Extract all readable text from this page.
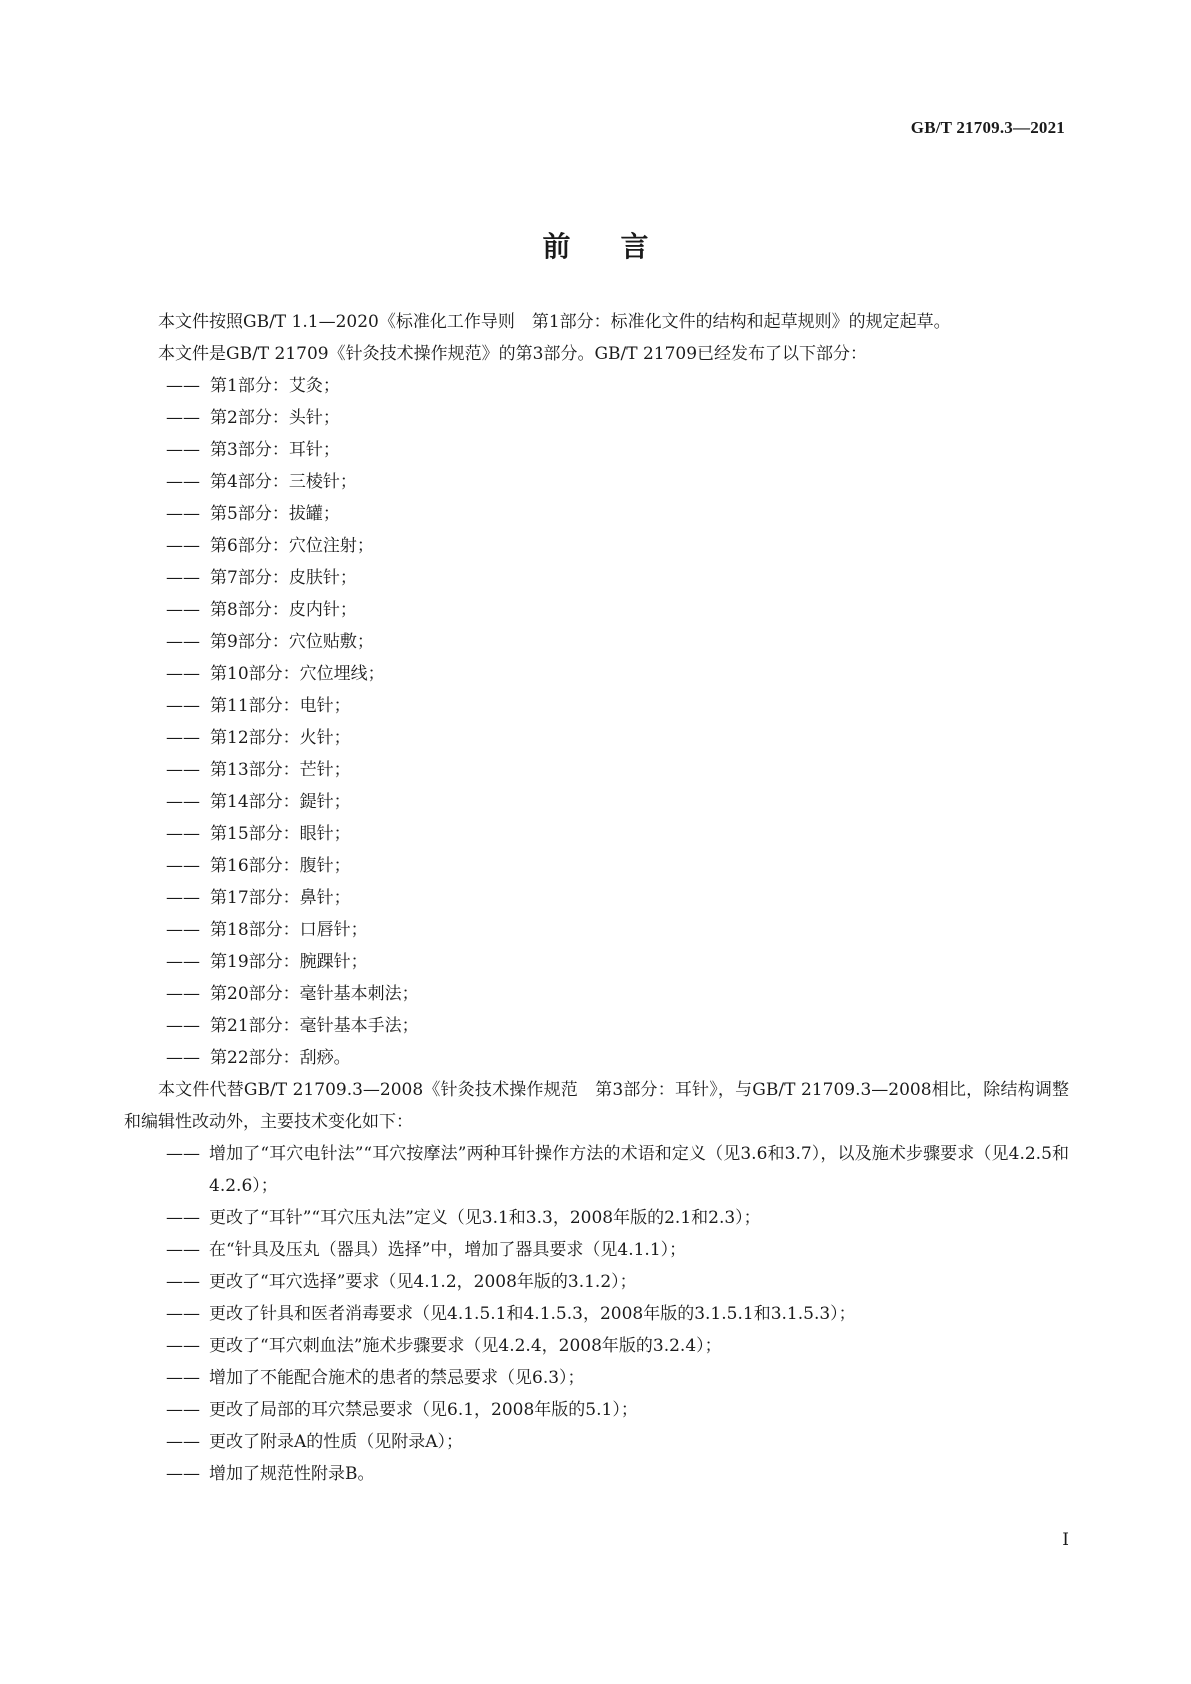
GB/T 21709.3—2021
前 言

本文件按照GB/T 1.1—2020《标准化工作导则　第1部分：标准化文件的结构和起草规则》的规定起草。

本文件是GB/T 21709《针灸技术操作规范》的第3部分。GB/T 21709已经发布了以下部分：

—— 第1部分：艾灸；

—— 第2部分：头针；

—— 第3部分：耳针；

—— 第4部分：三棱针；

—— 第5部分：拔罐；

—— 第6部分：穴位注射；

—— 第7部分：皮肤针；

—— 第8部分：皮内针；

—— 第9部分：穴位贴敷；

—— 第10部分：穴位埋线；

—— 第11部分：电针；

—— 第12部分：火针；

—— 第13部分：芒针；

—— 第14部分：鍉针；

—— 第15部分：眼针；

—— 第16部分：腹针；

—— 第17部分：鼻针；

—— 第18部分：口唇针；

—— 第19部分：腕踝针；

—— 第20部分：毫针基本刺法；

—— 第21部分：毫针基本手法；

—— 第22部分：刮痧。

本文件代替GB/T 21709.3—2008《针灸技术操作规范　第3部分：耳针》，与GB/T 21709.3—2008相比，除结构调整和编辑性改动外，主要技术变化如下：

—— 增加了“耳穴电针法”“耳穴按摩法”两种耳针操作方法的术语和定义（见3.6和3.7），以及施术步骤要求（见4.2.5和4.2.6）；

—— 更改了“耳针”“耳穴压丸法”定义（见3.1和3.3，2008年版的2.1和2.3）；

—— 在“针具及压丸（器具）选择”中，增加了器具要求（见4.1.1）；

—— 更改了“耳穴选择”要求（见4.1.2，2008年版的3.1.2）；

—— 更改了针具和医者消毒要求（见4.1.5.1和4.1.5.3，2008年版的3.1.5.1和3.1.5.3）；

—— 更改了“耳穴刺血法”施术步骤要求（见4.2.4，2008年版的3.2.4）；

—— 增加了不能配合施术的患者的禁忌要求（见6.3）；

—— 更改了局部的耳穴禁忌要求（见6.1，2008年版的5.1）；

—— 更改了附录A的性质（见附录A）；

—— 增加了规范性附录B。

I
